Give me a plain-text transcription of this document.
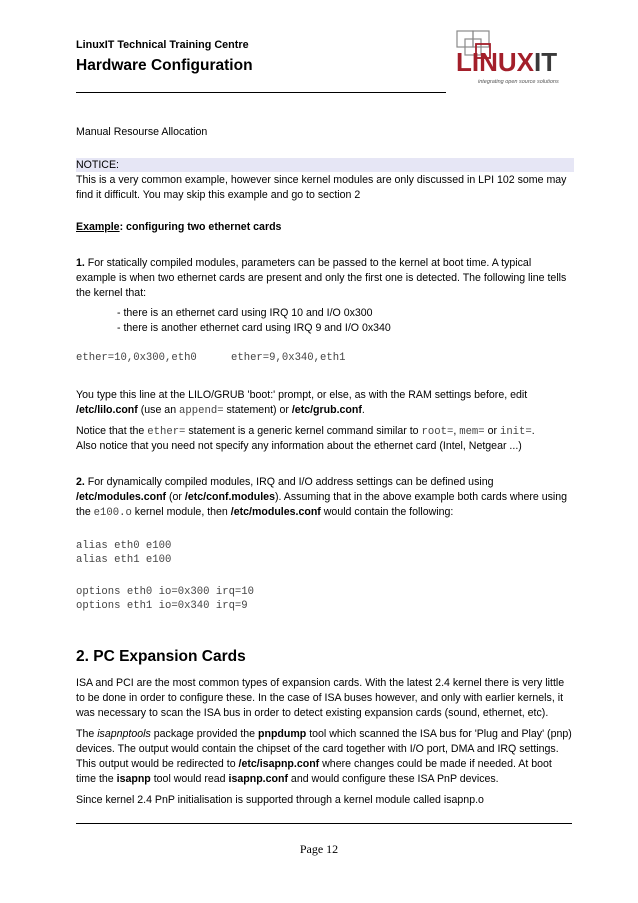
LinuxIT Technical Training Centre
Hardware Configuration	LINUXIT
integrating open source solutions
Manual Resourse Allocation
NOTICE:
This is a very common example, however since kernel modules are only discussed in LPI 102 some may
find it difficult. You may skip this example and go to section 2
Example: configuring two ethernet cards
1. For statically compiled modules, parameters can be passed to the kernel at boot time. A typical
example is when two ethernet cards are present and only the first one is detected. The following line tells
the kernel that:
- there is an ethernet card using IRQ 10 and I/O 0x300
- there is another ethernet card using IRQ 9 and I/O 0x340
ether=10,0x300,eth0	ether=9,0x340,eth1
You type this line at the LILO/GRUB 'boot:' prompt, or else, as with the RAM settings before, edit
/etc/lilo.conf (use an append= statement) or /etc/grub.conf.
Notice that the ether= statement is a generic kernel command similar to root=, mem= or init=.
Also notice that you need not specify any information about the ethernet card (Intel, Netgear ...)
2. For dynamically compiled modules, IRQ and I/O address settings can be defined using
/etc/modules.conf (or /etc/conf.modules). Assuming that in the above example both cards where using
the e100.o kernel module, then /etc/modules.conf would contain the following:
alias eth0 e100
alias eth1 e100
options eth0 io=0x300 irq=10
options eth1 io=0x340 irq=9
2. PC Expansion Cards
ISA and PCI are the most common types of expansion cards. With the latest 2.4 kernel there is very little
to be done in order to configure these. In the case of ISA buses however, and only with earlier kernels, it
was necessary to scan the ISA bus in order to detect existing expansion cards (sound, ethernet, etc).
The isapnptools package provided the pnpdump tool which scanned the ISA bus for 'Plug and Play' (pnp)
devices. The output would contain the chipset of the card together with I/O port, DMA and IRQ settings.
This output would be redirected to /etc/isapnp.conf where changes could be made if needed. At boot
time the isapnp tool would read isapnp.conf and would configure these ISA PnP devices.
Since kernel 2.4 PnP initialisation is supported through a kernel module called isapnp.o
Page 12
